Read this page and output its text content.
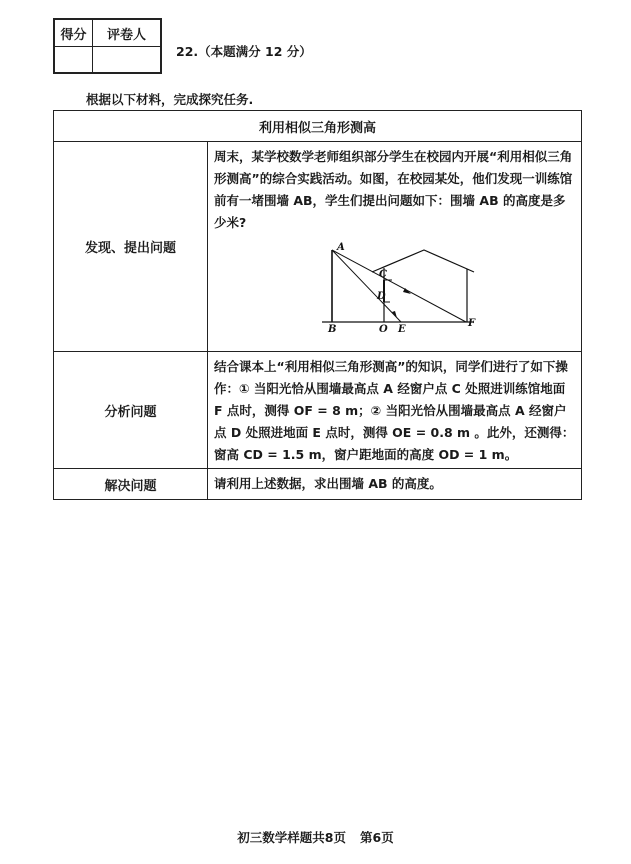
得分	评卷人
22.（本题满分 12 分）
根据以下材料，完成探究任务.
利用相似三角形测高
发现、提出问题
周末，某学校数学老师组织部分学生在校园内开展“利用相似三角形测高”的综合实践活动。如图，在校园某处，他们发现一训练馆前有一堵围墙 AB，学生们提出问题如下：围墙 AB 的高度是多少米?
A
B
C
D
O E
F
分析问题
结合课本上“利用相似三角形测高”的知识，同学们进行了如下操作：① 当阳光恰从围墙最高点 A 经窗户点 C 处照进训练馆地面 F 点时，测得 OF = 8 m；② 当阳光恰从围墙最高点 A 经窗户点 D 处照进地面 E 点时，测得 OE = 0.8 m 。此外，还测得：窗高 CD = 1.5 m，窗户距地面的高度 OD = 1 m。
解决问题	请利用上述数据，求出围墙 AB 的高度。
初三数学样题共8页 第6页
